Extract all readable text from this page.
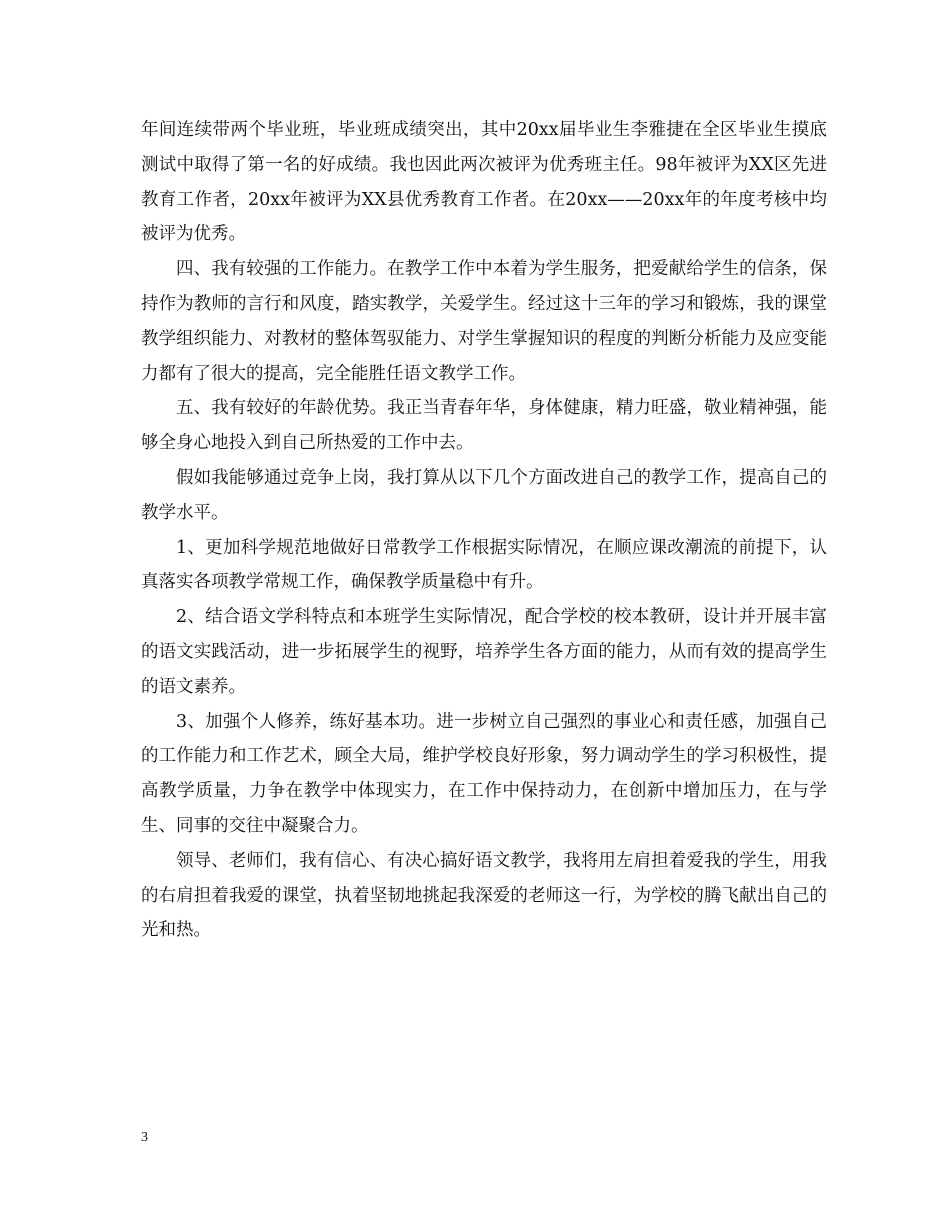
年间连续带两个毕业班，毕业班成绩突出，其中20xx届毕业生李雅捷在全区毕业生摸底测试中取得了第一名的好成绩。我也因此两次被评为优秀班主任。98年被评为XX区先进教育工作者，20xx年被评为XX县优秀教育工作者。在20xx——20xx年的年度考核中均被评为优秀。

四、我有较强的工作能力。在教学工作中本着为学生服务，把爱献给学生的信条，保持作为教师的言行和风度，踏实教学，关爱学生。经过这十三年的学习和锻炼，我的课堂教学组织能力、对教材的整体驾驭能力、对学生掌握知识的程度的判断分析能力及应变能力都有了很大的提高，完全能胜任语文教学工作。

五、我有较好的年龄优势。我正当青春年华，身体健康，精力旺盛，敬业精神强，能够全身心地投入到自己所热爱的工作中去。

假如我能够通过竞争上岗，我打算从以下几个方面改进自己的教学工作，提高自己的教学水平。

1、更加科学规范地做好日常教学工作根据实际情况，在顺应课改潮流的前提下，认真落实各项教学常规工作，确保教学质量稳中有升。

2、结合语文学科特点和本班学生实际情况，配合学校的校本教研，设计并开展丰富的语文实践活动，进一步拓展学生的视野，培养学生各方面的能力，从而有效的提高学生的语文素养。

3、加强个人修养，练好基本功。进一步树立自己强烈的事业心和责任感，加强自己的工作能力和工作艺术，顾全大局，维护学校良好形象，努力调动学生的学习积极性，提高教学质量，力争在教学中体现实力，在工作中保持动力，在创新中增加压力，在与学生、同事的交往中凝聚合力。

领导、老师们，我有信心、有决心搞好语文教学，我将用左肩担着爱我的学生，用我的右肩担着我爱的课堂，执着坚韧地挑起我深爱的老师这一行，为学校的腾飞献出自己的光和热。

3
